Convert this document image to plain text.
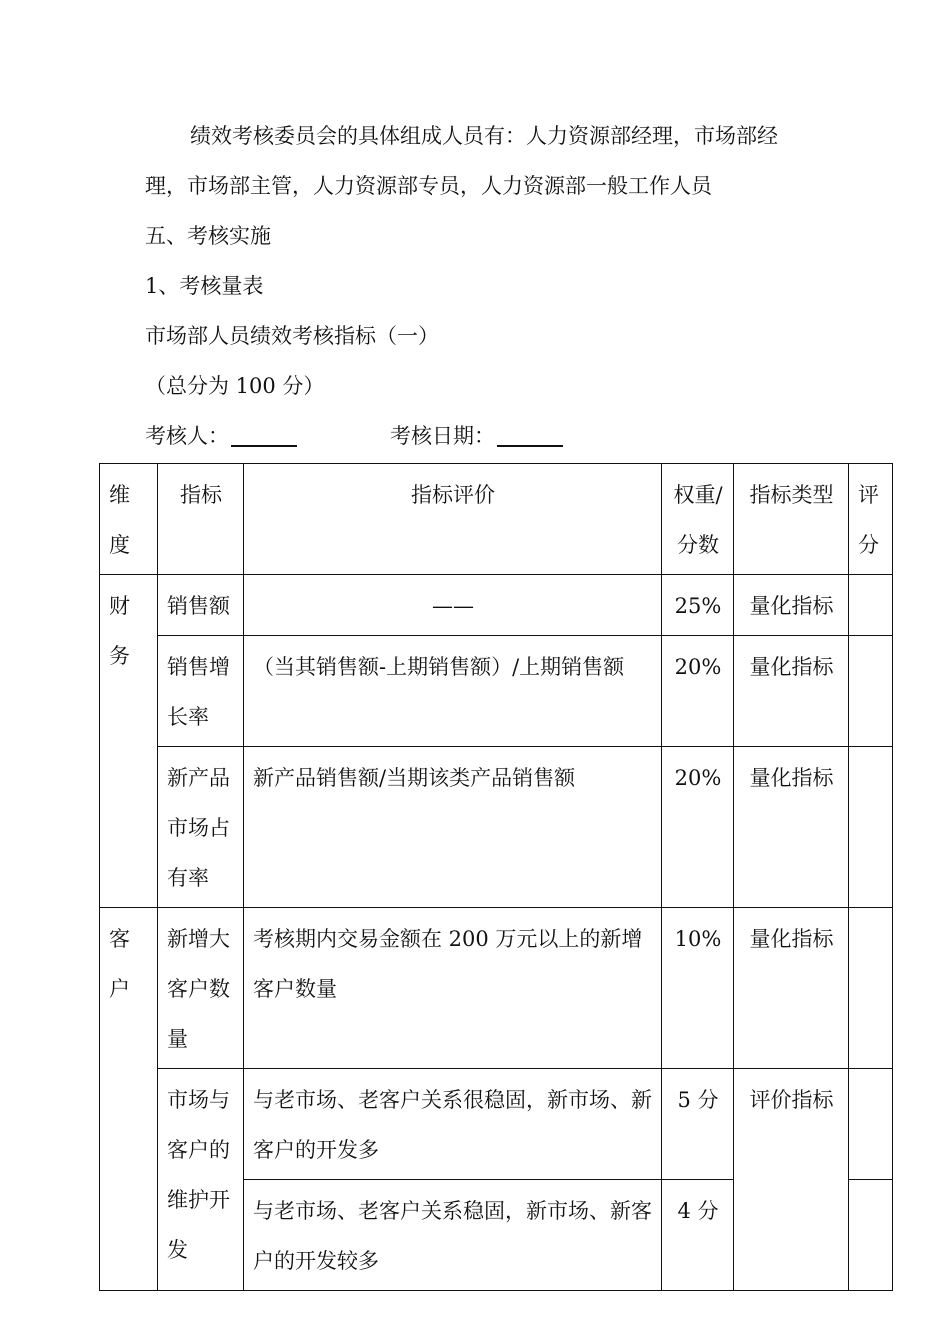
绩效考核委员会的具体组成人员有：人力资源部经理，市场部经
理，市场部主管，人力资源部专员，人力资源部一般工作人员
五、考核实施
1、考核量表
市场部人员绩效考核指标（一）
（总分为 100 分）
考核人：	考核日期：
维度	指标	指标评价	权重/分数	指标类型	评分
财务	销售额	——	25%	量化指标	
	销售增长率	（当其销售额-上期销售额）/上期销售额	20%	量化指标	
	新产品市场占有率	新产品销售额/当期该类产品销售额	20%	量化指标	
客户	新增大客户数量	考核期内交易金额在 200 万元以上的新增客户数量	10%	量化指标	
	市场与客户的维护开发	与老市场、老客户关系很稳固，新市场、新客户的开发多	5 分	评价指标	
		与老市场、老客户关系稳固，新市场、新客户的开发较多	4 分		
